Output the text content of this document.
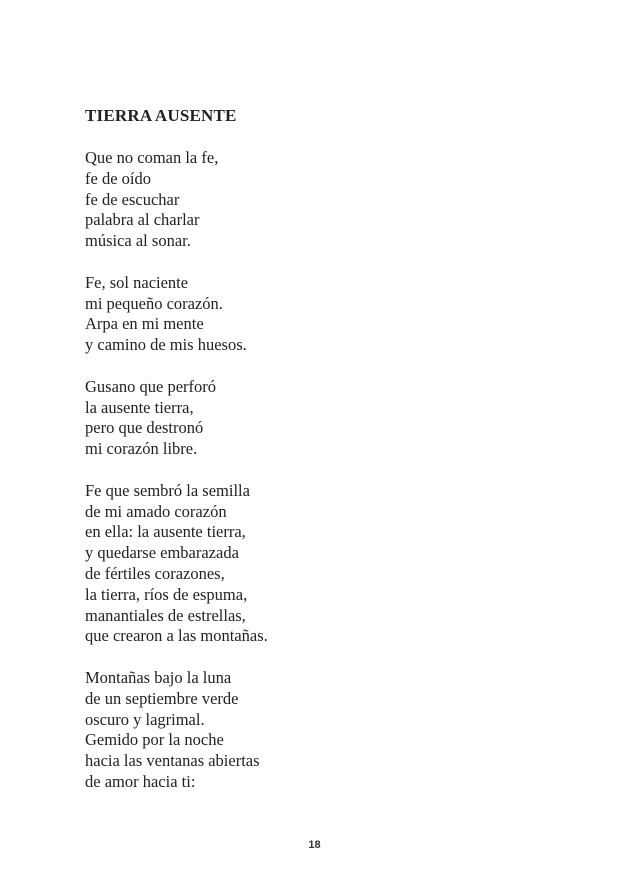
TIERRA AUSENTE
Que no coman la fe,
fe de oído
fe de escuchar
palabra al charlar
música al sonar.
Fe, sol naciente
mi pequeño corazón.
Arpa en mi mente
y camino de mis huesos.
Gusano que perforó
la ausente tierra,
pero que destronó
mi corazón libre.
Fe que sembró la semilla
de mi amado corazón
en ella: la ausente tierra,
y quedarse embarazada
de fértiles corazones,
la tierra, ríos de espuma,
manantiales de estrellas,
que crearon a las montañas.
Montañas bajo la luna
de un septiembre verde
oscuro y lagrimal.
Gemido por la noche
hacia las ventanas abiertas
de amor hacia ti:
18
